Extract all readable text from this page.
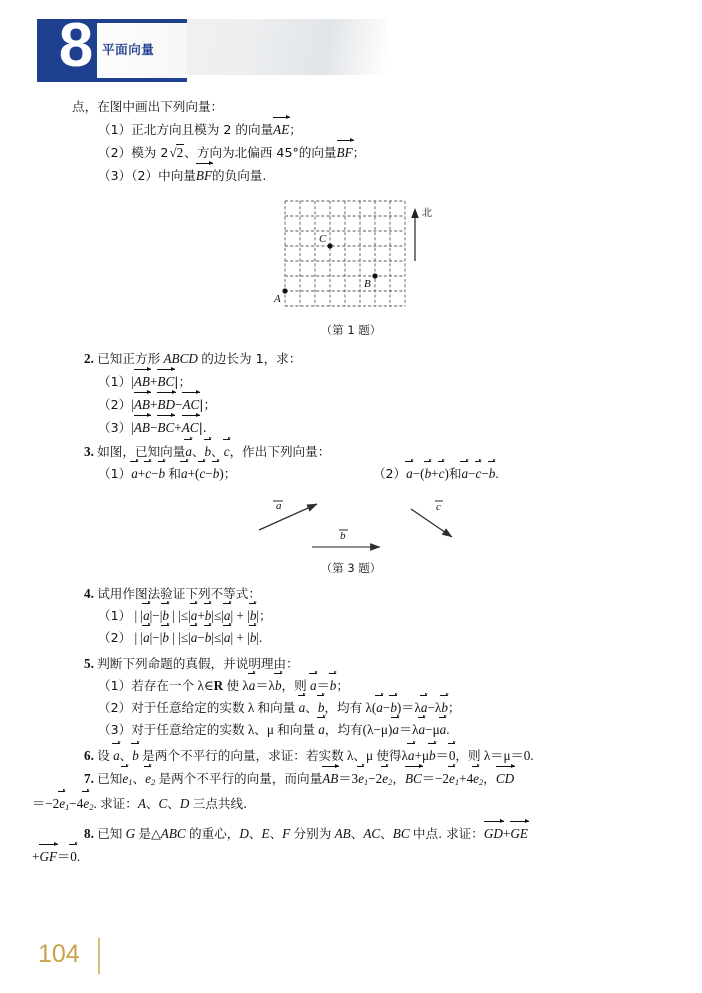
8 平面向量
点，在图中画出下列向量：
（1）正北方向且模为 2 的向量AE；
（2）模为 2√2、方向为北偏西 45°的向量BF；
（3）（2）中向量BF的负向量.
北
A
B
C
（第 1 题）
2. 已知正方形 ABCD 的边长为 1，求：
（1）|AB+BC|；
（2）|AB+BD−AC|；
（3）|AB−BC+AC|.
3. 如图，已知向量a、b、c，作出下列向量：
（1）a+c−b 和a+(c−b)；	（2）a−(b+c)和a−c−b.
a
b
c
（第 3 题）
4. 试用作图法验证下列不等式：
（1） | |a|−|b | |≤|a+b|≤|a| + |b|；
（2） | |a|−|b | |≤|a−b|≤|a| + |b|.
5. 判断下列命题的真假，并说明理由：
（1）若存在一个 λ∈R 使 λa＝λb，则 a＝b；
（2）对于任意给定的实数 λ 和向量 a、b，均有 λ(a−b)＝λa−λb；
（3）对于任意给定的实数 λ、μ 和向量 a，均有(λ−μ)a＝λa−μa.
6. 设 a、b 是两个不平行的向量，求证：若实数 λ、μ 使得λa+μb＝0，则 λ＝μ＝0.
7. 已知$e_1$、$e_2$ 是两个不平行的向量，而向量$AB=3e_1-2e_2$，$BC=-2e_1+4e_2$，CD
$=-2e_1-4e_2$. 求证：A、C、D 三点共线.
8. 已知 G 是△ABC 的重心，D、E、F 分别为 AB、AC、BC 中点. 求证：GD+GE
+GF＝0.
104
